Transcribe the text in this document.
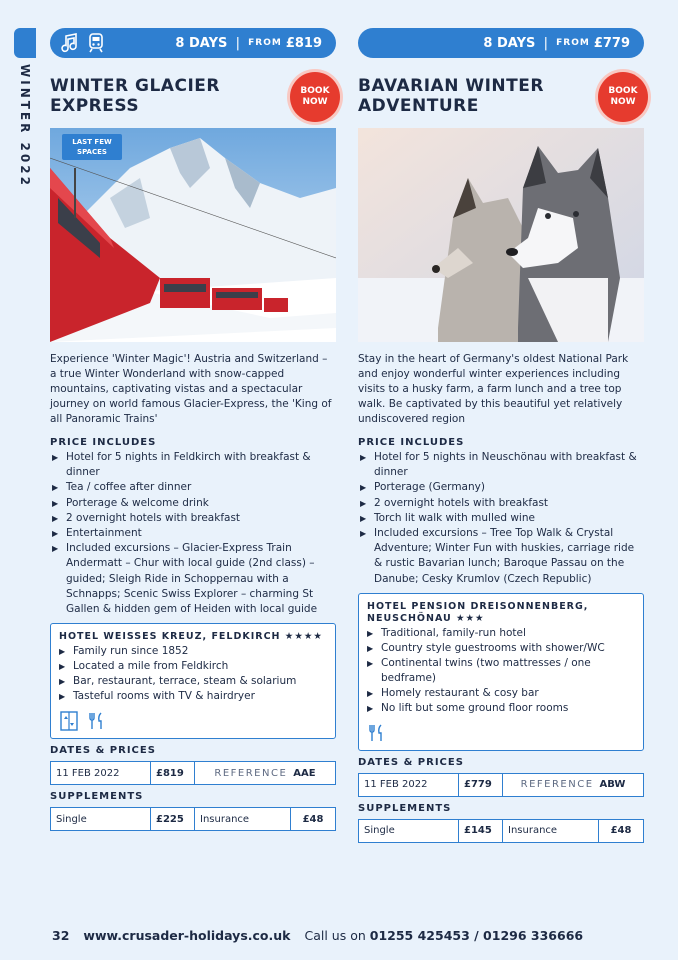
WINTER 2022
8 DAYS | FROM £819
WINTER GLACIER EXPRESS
BOOK
NOW
LAST FEW SPACES
Experience 'Winter Magic'! Austria and Switzerland – a true Winter Wonderland with snow-capped mountains, captivating vistas and a spectacular journey on world famous Glacier-Express, the 'King of all Panoramic Trains'
PRICE INCLUDES
▶ Hotel for 5 nights in Feldkirch with breakfast & dinner
▶ Tea / coffee after dinner
▶ Porterage & welcome drink
▶ 2 overnight hotels with breakfast
▶ Entertainment
▶ Included excursions – Glacier-Express Train Andermatt – Chur with local guide (2nd class) – guided; Sleigh Ride in Schoppernau with a Schnapps; Scenic Swiss Explorer – charming St Gallen & hidden gem of Heiden with local guide
HOTEL WEISSES KREUZ, FELDKIRCH ★★★★
▶ Family run since 1852
▶ Located a mile from Feldkirch
▶ Bar, restaurant, terrace, steam & solarium
▶ Tasteful rooms with TV & hairdryer
DATES & PRICES
11 FEB 2022	£819	REFERENCE AAE
SUPPLEMENTS
Single	£225	Insurance	£48
8 DAYS | FROM £779
BAVARIAN WINTER ADVENTURE
BOOK
NOW
Stay in the heart of Germany's oldest National Park and enjoy wonderful winter experiences including visits to a husky farm, a farm lunch and a tree top walk. Be captivated by this beautiful yet relatively undiscovered region
PRICE INCLUDES
▶ Hotel for 5 nights in Neuschönau with breakfast & dinner
▶ Porterage (Germany)
▶ 2 overnight hotels with breakfast
▶ Torch lit walk with mulled wine
▶ Included excursions – Tree Top Walk & Crystal Adventure; Winter Fun with huskies, carriage ride & rustic Bavarian lunch; Baroque Passau on the Danube; Cesky Krumlov (Czech Republic)
HOTEL PENSION DREISONNENBERG, NEUSCHÖNAU ★★★
▶ Traditional, family-run hotel
▶ Country style guestrooms with shower/WC
▶ Continental twins (two mattresses / one bedframe)
▶ Homely restaurant & cosy bar
▶ No lift but some ground floor rooms
DATES & PRICES
11 FEB 2022	£779	REFERENCE ABW
SUPPLEMENTS
Single	£145	Insurance	£48
32 www.crusader-holidays.co.uk Call us on 01255 425453 / 01296 336666
